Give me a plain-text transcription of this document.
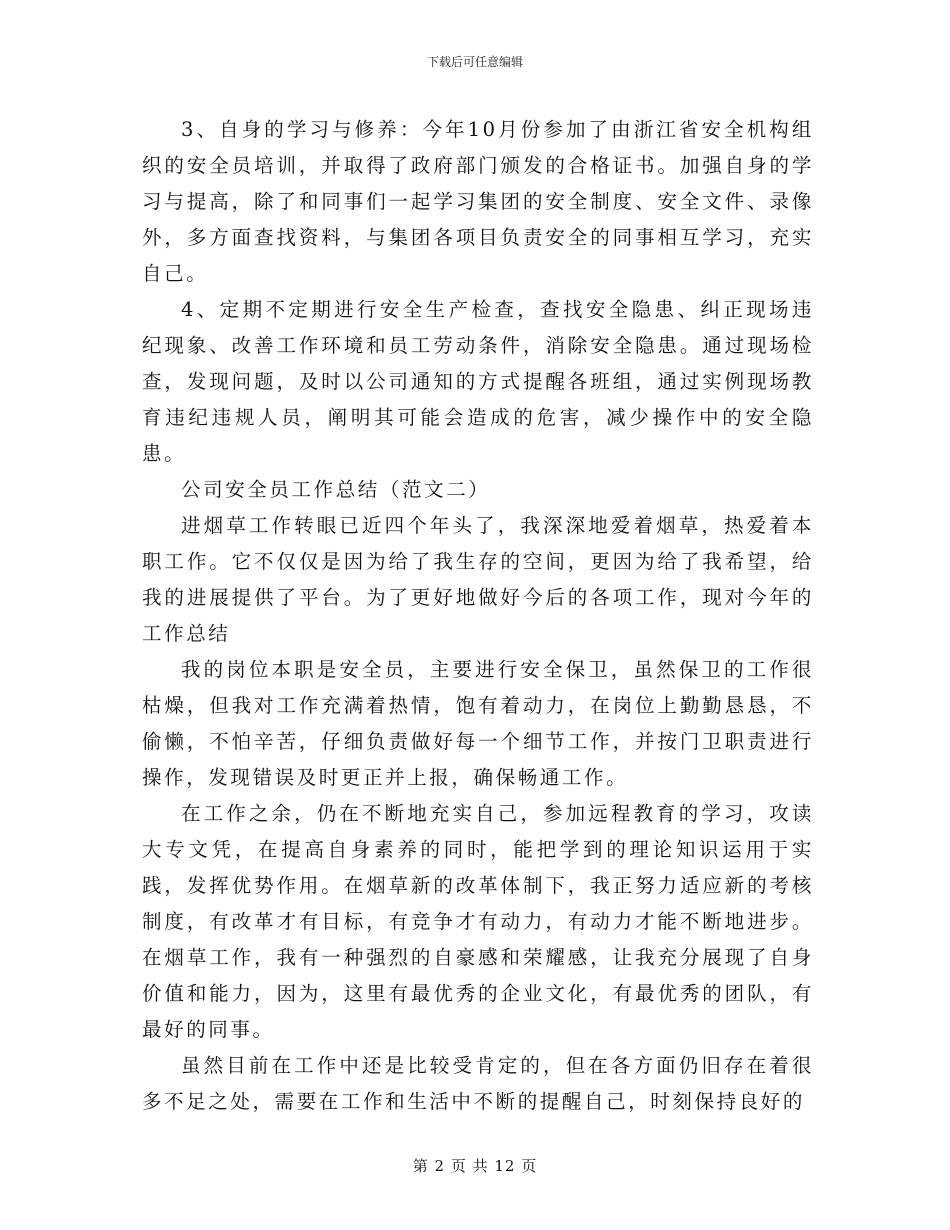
下载后可任意编辑

3、自身的学习与修养：今年10月份参加了由浙江省安全机构组织的安全员培训，并取得了政府部门颁发的合格证书。加强自身的学习与提高，除了和同事们一起学习集团的安全制度、安全文件、录像外，多方面查找资料，与集团各项目负责安全的同事相互学习，充实自己。

4、定期不定期进行安全生产检查，查找安全隐患、纠正现场违纪现象、改善工作环境和员工劳动条件，消除安全隐患。通过现场检查，发现问题，及时以公司通知的方式提醒各班组，通过实例现场教育违纪违规人员，阐明其可能会造成的危害，减少操作中的安全隐患。

公司安全员工作总结（范文二）

进烟草工作转眼已近四个年头了，我深深地爱着烟草，热爱着本职工作。它不仅仅是因为给了我生存的空间，更因为给了我希望，给我的进展提供了平台。为了更好地做好今后的各项工作，现对今年的工作总结

我的岗位本职是安全员，主要进行安全保卫，虽然保卫的工作很枯燥，但我对工作充满着热情，饱有着动力，在岗位上勤勤恳恳，不偷懒，不怕辛苦，仔细负责做好每一个细节工作，并按门卫职责进行操作，发现错误及时更正并上报，确保畅通工作。

在工作之余，仍在不断地充实自己，参加远程教育的学习，攻读大专文凭，在提高自身素养的同时，能把学到的理论知识运用于实践，发挥优势作用。在烟草新的改革体制下，我正努力适应新的考核制度，有改革才有目标，有竞争才有动力，有动力才能不断地进步。在烟草工作，我有一种强烈的自豪感和荣耀感，让我充分展现了自身价值和能力，因为，这里有最优秀的企业文化，有最优秀的团队，有最好的同事。

虽然目前在工作中还是比较受肯定的，但在各方面仍旧存在着很多不足之处，需要在工作和生活中不断的提醒自己，时刻保持良好的

第 2 页 共 12 页
